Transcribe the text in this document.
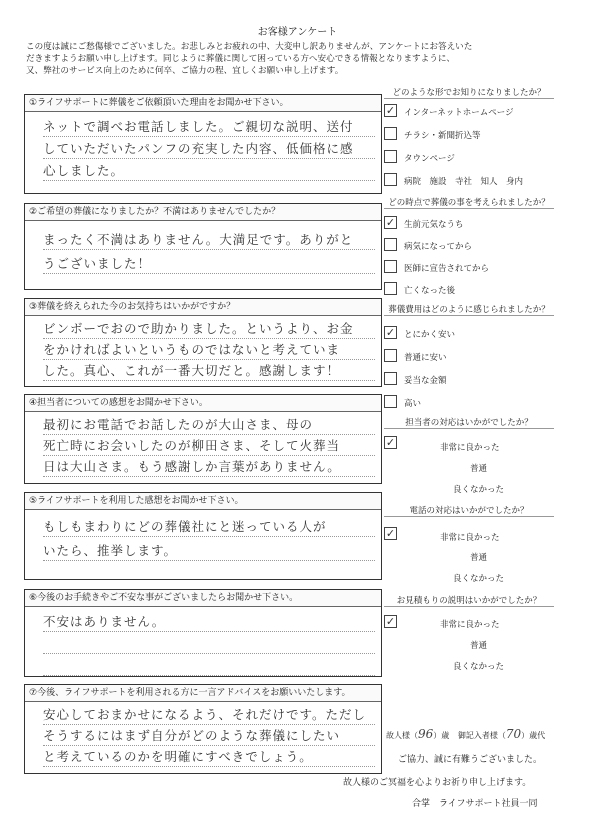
お客様アンケート
この度は誠にご愁傷様でございました。お悲しみとお疲れの中、大変申し訳ありませんが、アンケートにお答えいた
だきますようお願い申し上げます。同じように葬儀に関して困っている方へ安心できる情報となりますように、
又、弊社のサービス向上のために何卒、ご協力の程、宜しくお願い申し上げます。
①ライフサポートに葬儀をご依頼頂いた理由をお聞かせ下さい。
ネットで調べお電話しました。ご親切な説明、送付
していただいたパンフの充実した内容、低価格に感
心しました。
②ご希望の葬儀になりましたか？不満はありませんでしたか？
まったく不満はありません。大満足です。ありがと
うございました！
③葬儀を終えられた今のお気持ちはいかがですか？
ビンボーでおので助かりました。というより、お金
をかければよいというものではないと考えていま
した。真心、これが一番大切だと。感謝します！
④担当者についての感想をお聞かせ下さい。
最初にお電話でお話したのが大山さま、母の
死亡時にお会いしたのが柳田さま、そして火葬当
日は大山さま。もう感謝しか言葉がありません。
⑤ライフサポートを利用した感想をお聞かせ下さい。
もしもまわりにどの葬儀社にと迷っている人が
いたら、推挙します。
⑥今後のお手続きやご不安な事がございましたらお聞かせ下さい。
不安はありません。
⑦今後、ライフサポートを利用される方に一言アドバイスをお願いいたします。
安心しておまかせになるよう、それだけです。ただし
そうするにはまず自分がどのような葬儀にしたい
と考えているのかを明確にすべきでしょう。
どのような形でお知りになりましたか？
✓ インターネットホームページ
チラシ・新聞折込等
タウンページ
病院　施設　寺社　知人　身内
どの時点で葬儀の事を考えられましたか？
✓ 生前元気なうち
病気になってから
医師に宣告されてから
亡くなった後
葬儀費用はどのように感じられましたか？
✓ とにかく安い
普通に安い
妥当な金額
高い
担当者の対応はいかがでしたか？
✓	非常に良かった
普通
良くなかった
電話の対応はいかがでしたか？
✓	非常に良かった
普通
良くなかった
お見積もりの説明はいかがでしたか？
✓	非常に良かった
普通
良くなかった
故人様（96）歳 御記入者様（70）歳代
ご協力、誠に有難うございました。
故人様のご冥福を心よりお祈り申し上げます。
合掌　ライフサポート社員一同
